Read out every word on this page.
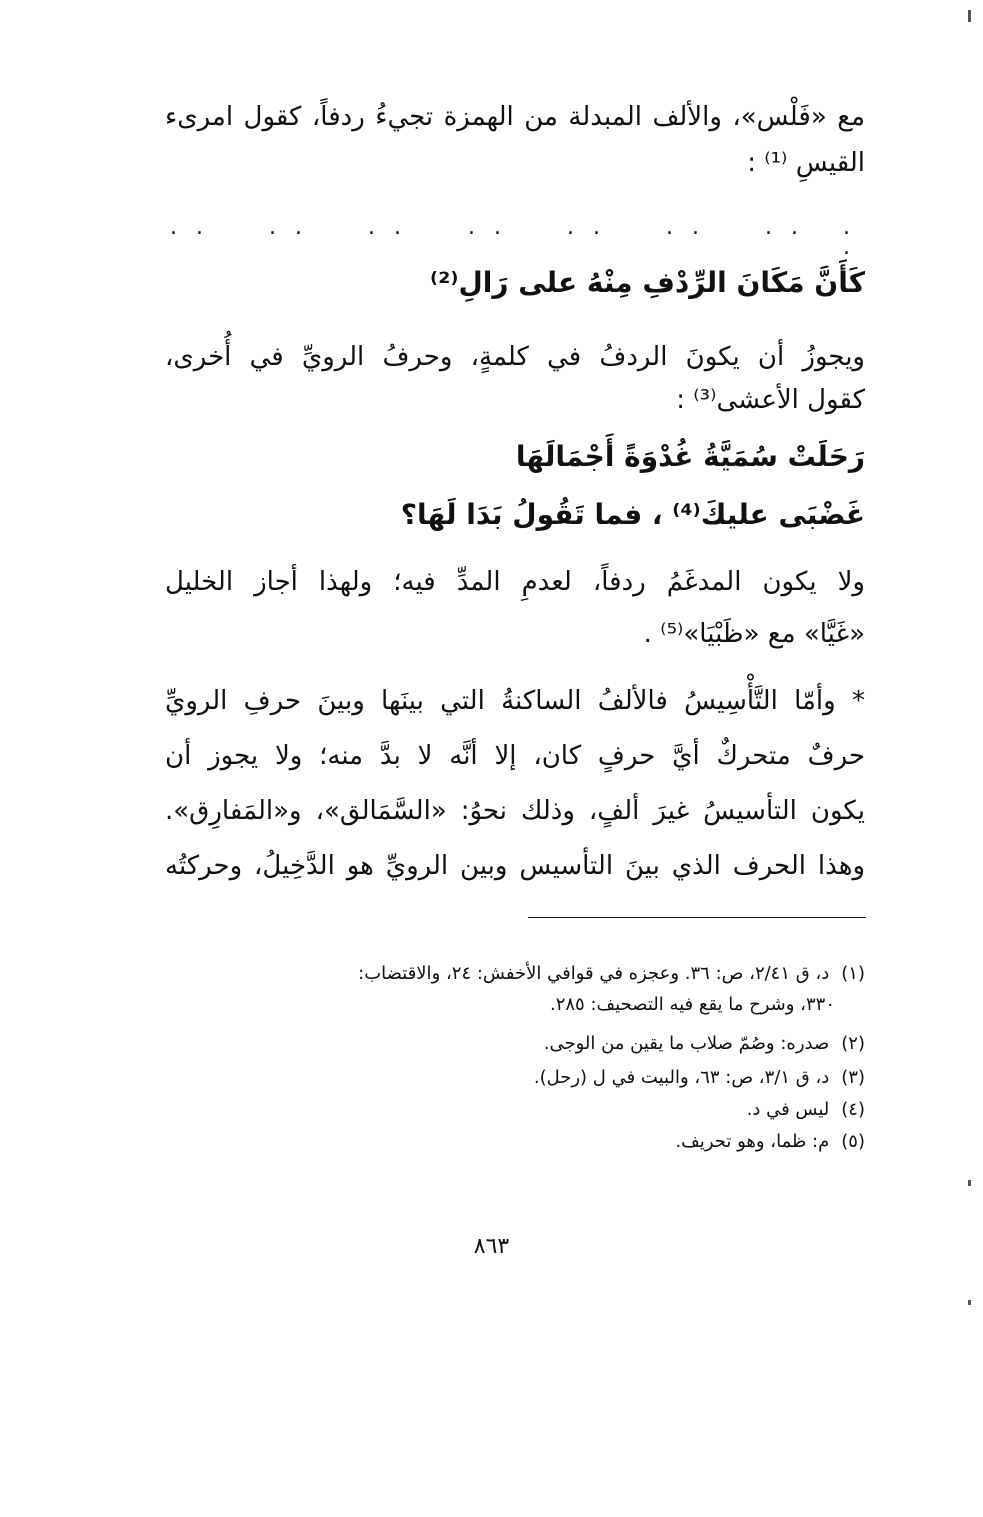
مع «فَلْس»، والألف المبدلة من الهمزة تجيءُ ردفاً، كقول امرىء
القيسِ ⁽¹⁾ :
. .	. .	. .	. .	. .	. .	. . . .
كَأَنَّ مَكَانَ الرِّدْفِ مِنْهُ على رَالِ⁽²⁾
ويجوزُ أن يكونَ الردفُ في كلمةٍ، وحرفُ الرويِّ في أُخرى،
كقول الأعشى⁽³⁾ :
رَحَلَتْ سُمَيَّةُ غُدْوَةً أَجْمَالَهَا
غَضْبَى عليكَ⁽⁴⁾ ، فما تَقُولُ بَدَا لَهَا؟
ولا يكون المدغَمُ ردفاً، لعدمِ المدِّ فيه؛ ولهذا أجاز الخليل
«غَيَّا» مع «ظَبْيَا»⁽⁵⁾ .
* وأمّا التَّأْسِيسُ فالألفُ الساكنةُ التي بينَها وبينَ حرفِ الرويِّ
حرفٌ متحركٌ أيَّ حرفٍ كان، إلا أنَّه لا بدَّ منه؛ ولا يجوز أن
يكون التأسيسُ غيرَ ألفٍ، وذلك نحوُ: «السَّمَالق»، و«المَفارِق».
وهذا الحرف الذي بينَ التأسيس وبين الرويِّ هو الدَّخِيلُ، وحركتُه
(١) د، ق ٢/٤١، ص: ٣٦. وعجزه في قوافي الأخفش: ٢٤، والاقتضاب:
٣٣٠، وشرح ما يقع فيه التصحيف: ٢٨٥.
(٢) صدره: وصُمّ صلاب ما يقين من الوجى.
(٣) د، ق ٣/١، ص: ٦٣، والبيت في ل (رحل).
(٤) ليس في د.
(٥) م: ظما، وهو تحريف.
٨٦٣
